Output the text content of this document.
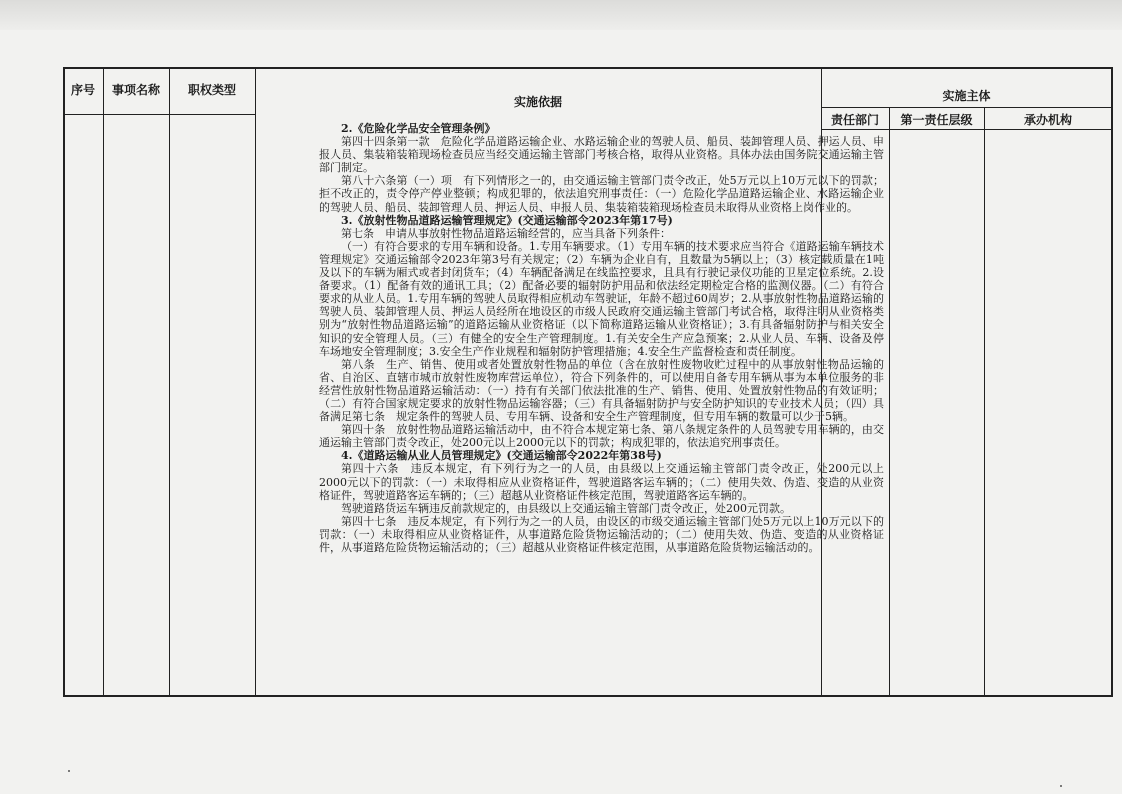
序号	事项名称	职权类型
实施依据	实施主体
责任部门	第一责任层级	承办机构

2.《危险化学品安全管理条例》

第四十四条第一款　危险化学品道路运输企业、水路运输企业的驾驶人员、船员、装卸管理人员、押运人员、申报人员、集装箱装箱现场检查员应当经交通运输主管部门考核合格，取得从业资格。具体办法由国务院交通运输主管部门制定。

第八十六条第（一）项　有下列情形之一的，由交通运输主管部门责令改正，处5万元以上10万元以下的罚款；拒不改正的，责令停产停业整顿；构成犯罪的，依法追究刑事责任：（一）危险化学品道路运输企业、水路运输企业的驾驶人员、船员、装卸管理人员、押运人员、申报人员、集装箱装箱现场检查员未取得从业资格上岗作业的。

3.《放射性物品道路运输管理规定》(交通运输部令2023年第17号)

第七条　申请从事放射性物品道路运输经营的，应当具备下列条件：

（一）有符合要求的专用车辆和设备。1.专用车辆要求。（1）专用车辆的技术要求应当符合《道路运输车辆技术管理规定》交通运输部令2023年第3号有关规定；（2）车辆为企业自有，且数量为5辆以上；（3）核定载质量在1吨及以下的车辆为厢式或者封闭货车；（4）车辆配备满足在线监控要求，且具有行驶记录仪功能的卫星定位系统。2.设备要求。（1）配备有效的通讯工具；（2）配备必要的辐射防护用品和依法经定期检定合格的监测仪器。（二）有符合要求的从业人员。1.专用车辆的驾驶人员取得相应机动车驾驶证，年龄不超过60周岁；2.从事放射性物品道路运输的驾驶人员、装卸管理人员、押运人员经所在地设区的市级人民政府交通运输主管部门考试合格，取得注明从业资格类别为“放射性物品道路运输”的道路运输从业资格证（以下简称道路运输从业资格证）；3.有具备辐射防护与相关安全知识的安全管理人员。（三）有健全的安全生产管理制度。1.有关安全生产应急预案；2.从业人员、车辆、设备及停车场地安全管理制度；3.安全生产作业规程和辐射防护管理措施；4.安全生产监督检查和责任制度。

第八条　生产、销售、使用或者处置放射性物品的单位（含在放射性废物收贮过程中的从事放射性物品运输的省、自治区、直辖市城市放射性废物库营运单位），符合下列条件的，可以使用自备专用车辆从事为本单位服务的非经营性放射性物品道路运输活动：（一）持有有关部门依法批准的生产、销售、使用、处置放射性物品的有效证明；（二）有符合国家规定要求的放射性物品运输容器；（三）有具备辐射防护与安全防护知识的专业技术人员；（四）具备满足第七条　规定条件的驾驶人员、专用车辆、设备和安全生产管理制度，但专用车辆的数量可以少于5辆。

第四十条　放射性物品道路运输活动中，由不符合本规定第七条、第八条规定条件的人员驾驶专用车辆的，由交通运输主管部门责令改正，处200元以上2000元以下的罚款；构成犯罪的，依法追究刑事责任。

4.《道路运输从业人员管理规定》(交通运输部令2022年第38号)

第四十六条　违反本规定，有下列行为之一的人员，由县级以上交通运输主管部门责令改正，处200元以上2000元以下的罚款：（一）未取得相应从业资格证件，驾驶道路客运车辆的；（二）使用失效、伪造、变造的从业资格证件，驾驶道路客运车辆的；（三）超越从业资格证件核定范围，驾驶道路客运车辆的。

驾驶道路货运车辆违反前款规定的，由县级以上交通运输主管部门责令改正，处200元罚款。

第四十七条　违反本规定，有下列行为之一的人员，由设区的市级交通运输主管部门处5万元以上10万元以下的罚款：（一）未取得相应从业资格证件，从事道路危险货物运输活动的；（二）使用失效、伪造、变造的从业资格证件，从事道路危险货物运输活动的；（三）超越从业资格证件核定范围，从事道路危险货物运输活动的。
